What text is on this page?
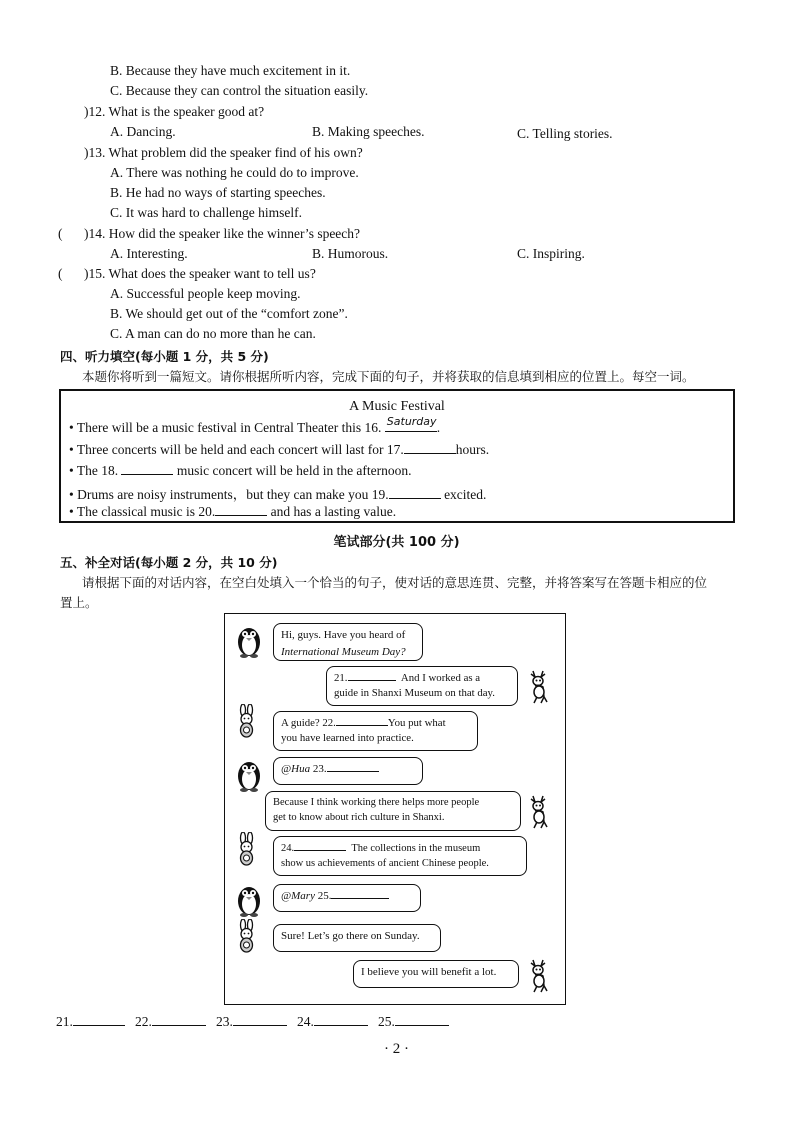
B. Because they have much excitement in it.
C. Because they can control the situation easily.
)12. What is the speaker good at?
A. Dancing.	B. Making speeches.	C. Telling stories.
)13. What problem did the speaker find of his own?
A. There was nothing he could do to improve.
B. He had no ways of starting speeches.
C. It was hard to challenge himself.
( )14. How did the speaker like the winner’s speech?
A. Interesting.	B. Humorous.	C. Inspiring.
( )15. What does the speaker want to tell us?
A. Successful people keep moving.
B. We should get out of the “comfort zone”.
C. A man can do no more than he can.
四、听力填空(每小题 1 分，共 5 分)
本题你将听到一篇短文。请你根据所听内容，完成下面的句子，并将获取的信息填到相应的位置上。每空一词。
A Music Festival
• There will be a music festival in Central Theater this 16. Saturday .
• Three concerts will be held and each concert will last for 17.	hours.
• The 18.	music concert will be held in the afternoon.
• Drums are noisy instruments，but they can make you 19.	excited.
• The classical music is 20.	and has a lasting value.
笔试部分(共 100 分)
五、补全对话(每小题 2 分，共 10 分)
请根据下面的对话内容，在空白处填入一个恰当的句子，使对话的意思连贯、完整，并将答案写在答题卡相应的位
置上。
Hi, guys. Have you heard of
International Museum Day?
21.	And I worked as a
guide in Shanxi Museum on that day.
A guide? 22.	You put what
you have learned into practice.
@Hua 23.
Because I think working there helps more people
get to know about rich culture in Shanxi.
24.	The collections in the museum
show us achievements of ancient Chinese people.
@Mary 25.
Sure! Let’s go there on Sunday.
I believe you will benefit a lot.
21.	22.	23.	24.	25.
· 2 ·
